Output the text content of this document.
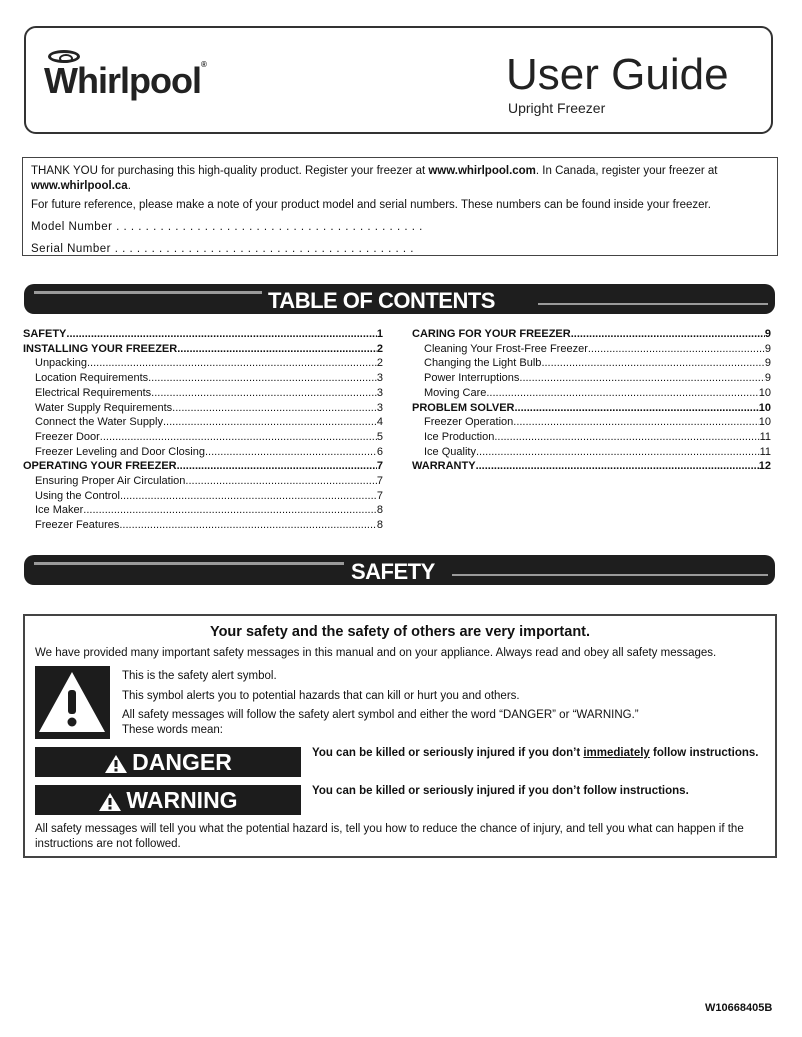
Whirlpool®	User Guide
Upright Freezer

THANK YOU for purchasing this high-quality product. Register your freezer at www.whirlpool.com. In Canada, register your freezer at www.whirlpool.ca.

For future reference, please make a note of your product model and serial numbers. These numbers can be found inside your freezer.

Model Number . . . . . . . . . . . . . . . . . . . . . . . . . . . . . . . . . . . . . . . . . .

Serial Number . . . . . . . . . . . . . . . . . . . . . . . . . . . . . . . . . . . . . . . . .

TABLE OF CONTENTS
SAFETY .....	1
INSTALLING YOUR FREEZER .....	2
Unpacking .....	2
Location Requirements .....	3
Electrical Requirements .....	3
Water Supply Requirements .....	3
Connect the Water Supply .....	4
Freezer Door .....	5
Freezer Leveling and Door Closing .....	6
OPERATING YOUR FREEZER .....	7
Ensuring Proper Air Circulation .....	7
Using the Control .....	7
Ice Maker .....	8
Freezer Features .....	8
CARING FOR YOUR FREEZER .....	9
Cleaning Your Frost-Free Freezer .....	9
Changing the Light Bulb .....	9
Power Interruptions .....	9
Moving Care .....	10
PROBLEM SOLVER .....	10
Freezer Operation .....	10
Ice Production .....	11
Ice Quality .....	11
WARRANTY .....	12
SAFETY
Your safety and the safety of others are very important.
We have provided many important safety messages in this manual and on your appliance. Always read and obey all safety messages.
This is the safety alert symbol.
This symbol alerts you to potential hazards that can kill or hurt you and others.
All safety messages will follow the safety alert symbol and either the word “DANGER” or “WARNING.”
These words mean:
DANGER	You can be killed or seriously injured if you don’t immediately follow instructions.
WARNING	You can be killed or seriously injured if you don’t follow instructions.
All safety messages will tell you what the potential hazard is, tell you how to reduce the chance of injury, and tell you what can happen if the instructions are not followed.
W10668405B
